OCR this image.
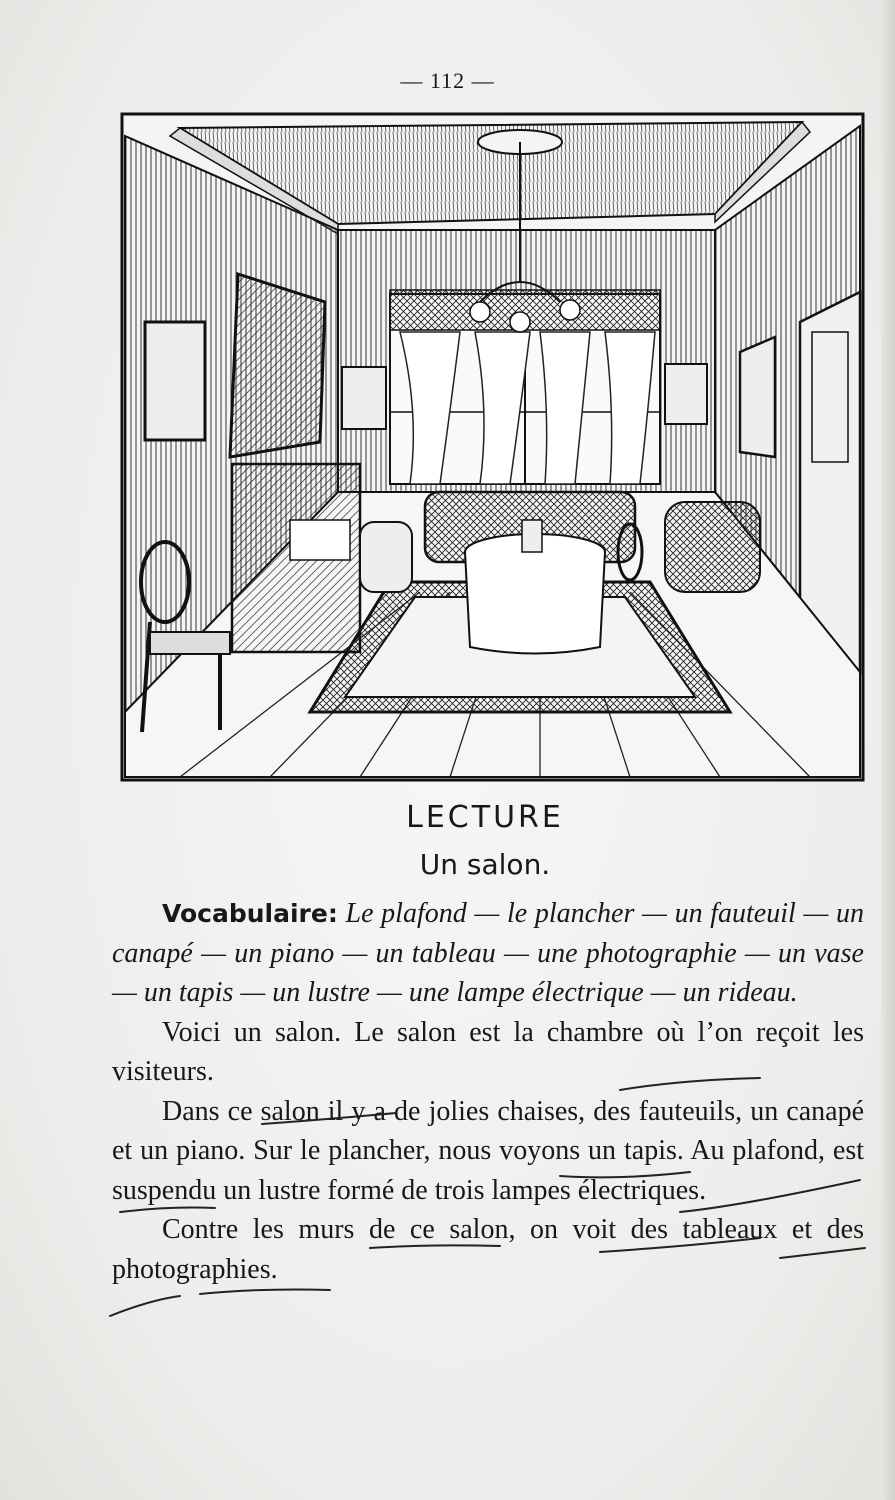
— 112 —
LECTURE
Un salon.

Vocabulaire: Le plafond — le plancher — un fauteuil — un canapé — un piano — un tableau — une photographie — un vase — un tapis — un lustre — une lampe électrique — un rideau.

Voici un salon. Le salon est la chambre où l’on reçoit les visiteurs.

Dans ce salon il y a de jolies chaises, des fauteuils, un canapé et un piano. Sur le plancher, nous voyons un tapis. Au plafond, est suspendu un lustre formé de trois lampes électriques.

Contre les murs de ce salon, on voit des tableaux et des photographies.
